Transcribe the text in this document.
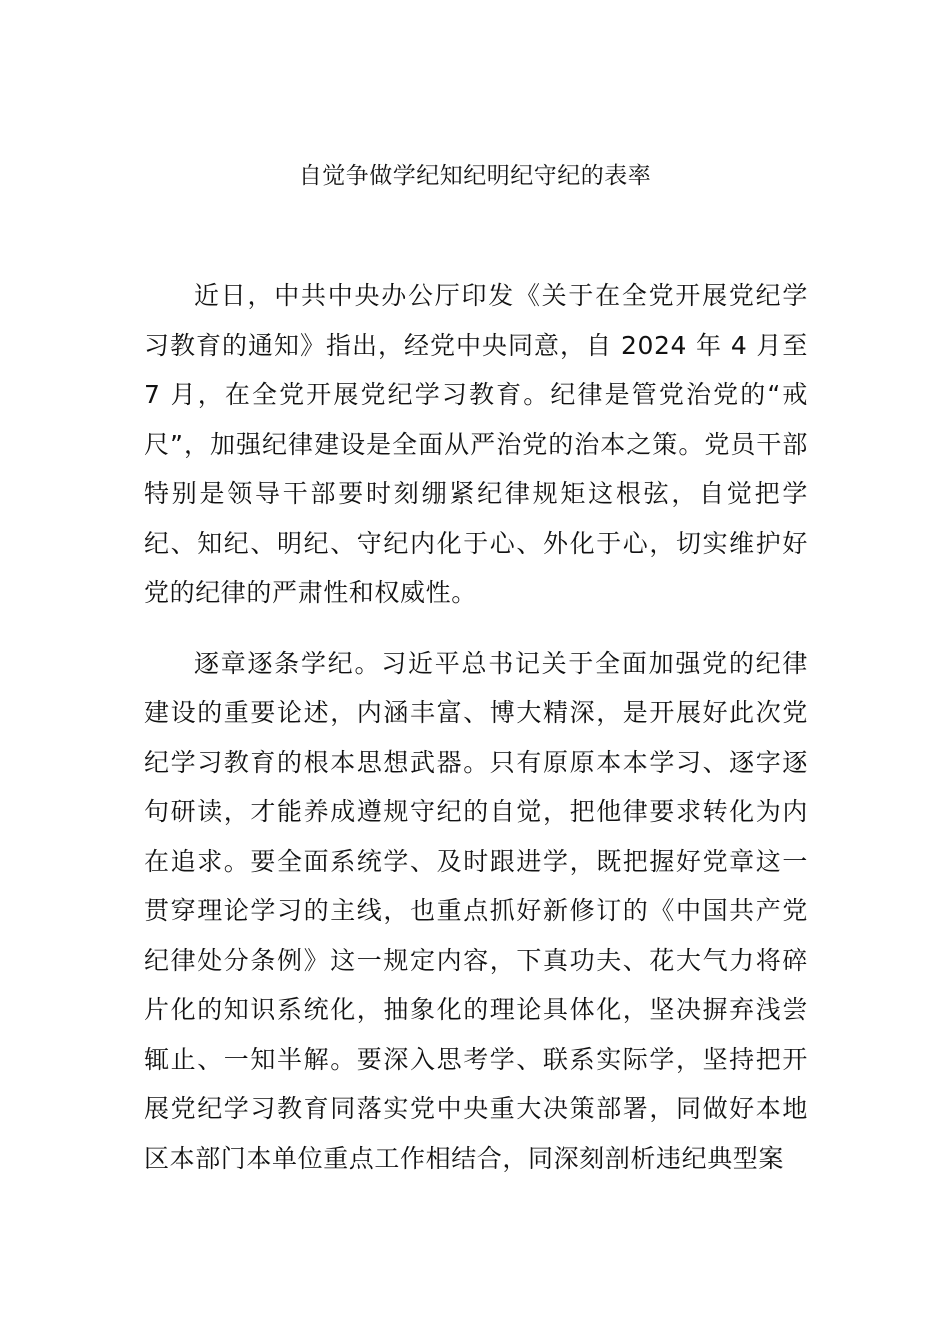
自觉争做学纪知纪明纪守纪的表率

近日，中共中央办公厅印发《关于在全党开展党纪学习教育的通知》指出，经党中央同意，自 2024 年 4 月至 7 月，在全党开展党纪学习教育。纪律是管党治党的“戒尺”，加强纪律建设是全面从严治党的治本之策。党员干部特别是领导干部要时刻绷紧纪律规矩这根弦，自觉把学纪、知纪、明纪、守纪内化于心、外化于心，切实维护好党的纪律的严肃性和权威性。

逐章逐条学纪。习近平总书记关于全面加强党的纪律建设的重要论述，内涵丰富、博大精深，是开展好此次党纪学习教育的根本思想武器。只有原原本本学习、逐字逐句研读，才能养成遵规守纪的自觉，把他律要求转化为内在追求。要全面系统学、及时跟进学，既把握好党章这一贯穿理论学习的主线，也重点抓好新修订的《中国共产党纪律处分条例》这一规定内容，下真功夫、花大气力将碎片化的知识系统化，抽象化的理论具体化，坚决摒弃浅尝辄止、一知半解。要深入思考学、联系实际学，坚持把开展党纪学习教育同落实党中央重大决策部署，同做好本地区本部门本单位重点工作相结合，同深刻剖析违纪典型案
